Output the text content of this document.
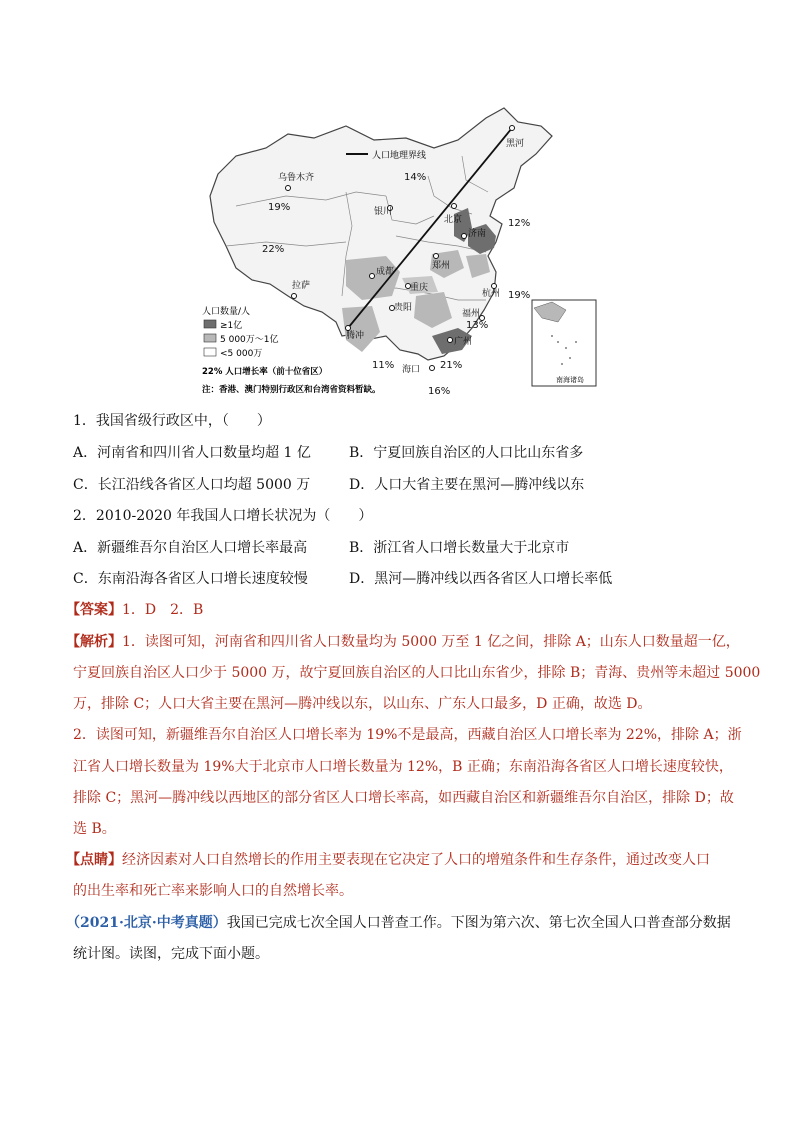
人口地理界线
乌鲁木齐
银川
北京
济南
郑州
成都
重庆
贵阳
拉萨
腾冲
黑河
杭州
福州
广州
海口
14%
19%
22%
12%
19%
13%
11%	21%
16%
人口数量/人
≥1亿
5 000万～1亿
<5 000万
22% 人口增长率（前十位省区）
注：香港、澳门特别行政区和台湾省资料暂缺。
南海诸岛
1．我国省级行政区中，（　　）
A．河南省和四川省人口数量均超 1 亿	B．宁夏回族自治区的人口比山东省多
C．长江沿线各省区人口均超 5000 万	D．人口大省主要在黑河—腾冲线以东
2．2010-2020 年我国人口增长状况为（　　）
A．新疆维吾尔自治区人口增长率最高	B．浙江省人口增长数量大于北京市
C．东南沿海各省区人口增长速度较慢	D．黑河—腾冲线以西各省区人口增长率低
【答案】1．D　2．B
【解析】1．读图可知，河南省和四川省人口数量均为 5000 万至 1 亿之间，排除 A；山东人口数量超一亿，
宁夏回族自治区人口少于 5000 万，故宁夏回族自治区的人口比山东省少，排除 B；青海、贵州等未超过 5000
万，排除 C；人口大省主要在黑河—腾冲线以东，以山东、广东人口最多，D 正确，故选 D。
2．读图可知，新疆维吾尔自治区人口增长率为 19%不是最高，西藏自治区人口增长率为 22%，排除 A；浙
江省人口增长数量为 19%大于北京市人口增长数量为 12%，B 正确；东南沿海各省区人口增长速度较快，
排除 C；黑河—腾冲线以西地区的部分省区人口增长率高，如西藏自治区和新疆维吾尔自治区，排除 D；故
选 B。
【点睛】经济因素对人口自然增长的作用主要表现在它决定了人口的增殖条件和生存条件，通过改变人口
的出生率和死亡率来影响人口的自然增长率。
（2021·北京·中考真题）我国已完成七次全国人口普查工作。下图为第六次、第七次全国人口普查部分数据
统计图。读图，完成下面小题。
